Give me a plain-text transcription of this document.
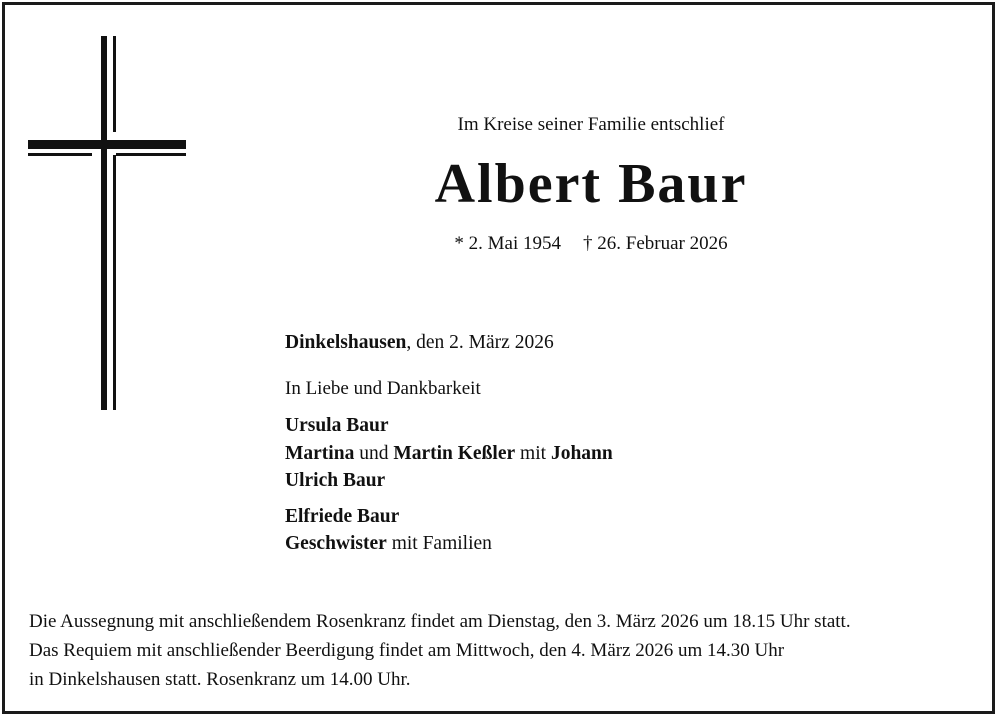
Im Kreise seiner Familie entschlief
Albert Baur
* 2. Mai 1954 † 26. Februar 2026
Dinkelshausen, den 2. März 2026
In Liebe und Dankbarkeit
Ursula Baur
Martina und Martin Keßler mit Johann
Ulrich Baur
Elfriede Baur
Geschwister mit Familien
Die Aussegnung mit anschließendem Rosenkranz findet am Dienstag, den 3. März 2026 um 18.15 Uhr statt.
Das Requiem mit anschließender Beerdigung findet am Mittwoch, den 4. März 2026 um 14.30 Uhr
in Dinkelshausen statt. Rosenkranz um 14.00 Uhr.
